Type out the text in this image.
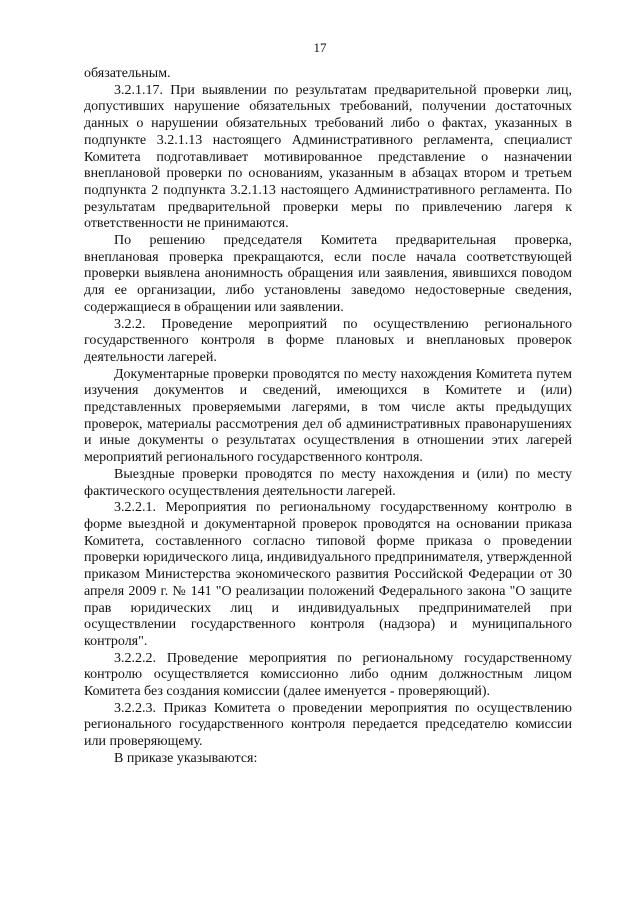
17

обязательным.

3.2.1.17. При выявлении по результатам предварительной проверки лиц, допустивших нарушение обязательных требований, получении достаточных данных о нарушении обязательных требований либо о фактах, указанных в подпункте 3.2.1.13 настоящего Административного регламента, специалист Комитета подготавливает мотивированное представление о назначении внеплановой проверки по основаниям, указанным в абзацах втором и третьем подпункта 2 подпункта 3.2.1.13 настоящего Административного регламента. По результатам предварительной проверки меры по привлечению лагеря к ответственности не принимаются.

По решению председателя Комитета предварительная проверка, внеплановая проверка прекращаются, если после начала соответствующей проверки выявлена анонимность обращения или заявления, явившихся поводом для ее организации, либо установлены заведомо недостоверные сведения, содержащиеся в обращении или заявлении.

3.2.2. Проведение мероприятий по осуществлению регионального государственного контроля в форме плановых и внеплановых проверок деятельности лагерей.

Документарные проверки проводятся по месту нахождения Комитета путем изучения документов и сведений, имеющихся в Комитете и (или) представленных проверяемыми лагерями, в том числе акты предыдущих проверок, материалы рассмотрения дел об административных правонарушениях и иные документы о результатах осуществления в отношении этих лагерей мероприятий регионального государственного контроля.

Выездные проверки проводятся по месту нахождения и (или) по месту фактического осуществления деятельности лагерей.

3.2.2.1. Мероприятия по региональному государственному контролю в форме выездной и документарной проверок проводятся на основании приказа Комитета, составленного согласно типовой форме приказа о проведении проверки юридического лица, индивидуального предпринимателя, утвержденной приказом Министерства экономического развития Российской Федерации от 30 апреля 2009 г. № 141 "О реализации положений Федерального закона "О защите прав юридических лиц и индивидуальных предпринимателей при осуществлении государственного контроля (надзора) и муниципального контроля".

3.2.2.2. Проведение мероприятия по региональному государственному контролю осуществляется комиссионно либо одним должностным лицом Комитета без создания комиссии (далее именуется - проверяющий).

3.2.2.3. Приказ Комитета о проведении мероприятия по осуществлению регионального государственного контроля передается председателю комиссии или проверяющему.

В приказе указываются:
